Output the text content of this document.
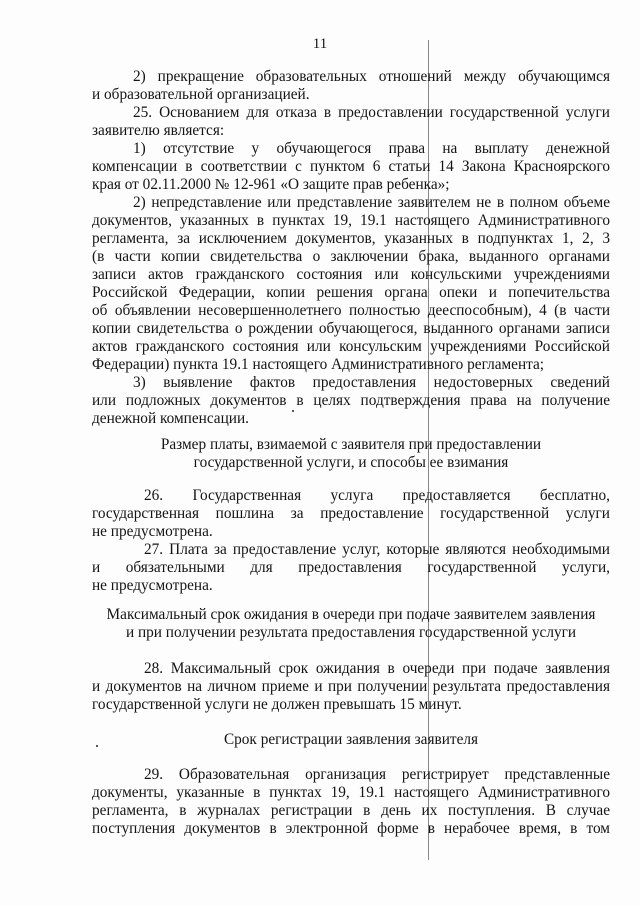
11
2) прекращение образовательных отношений между обучающимся
и образовательной организацией.
25. Основанием для отказа в предоставлении государственной услуги
заявителю является:
1) отсутствие у обучающегося права на выплату денежной
компенсации в соответствии с пунктом 6 статьи 14 Закона Красноярского
края от 02.11.2000 № 12-961 «О защите прав ребенка»;
2) непредставление или представление заявителем не в полном объеме
документов, указанных в пунктах 19, 19.1 настоящего Административного
регламента, за исключением документов, указанных в подпунктах 1, 2, 3
(в части копии свидетельства о заключении брака, выданного органами
записи актов гражданского состояния или консульскими учреждениями
Российской Федерации, копии решения органа опеки и попечительства
об объявлении несовершеннолетнего полностью дееспособным), 4 (в части
копии свидетельства о рождении обучающегося, выданного органами записи
актов гражданского состояния или консульским учреждениями Российской
Федерации) пункта 19.1 настоящего Административного регламента;
3) выявление фактов предоставления недостоверных сведений
или подложных документов в целях подтверждения права на получение
денежной компенсации.
Размер платы, взимаемой с заявителя при предоставлении
государственной услуги, и способы ее взимания
26. Государственная услуга предоставляется бесплатно,
государственная пошлина за предоставление государственной услуги
не предусмотрена.
27. Плата за предоставление услуг, которые являются необходимыми
и обязательными для предоставления государственной услуги,
не предусмотрена.
Максимальный срок ожидания в очереди при подаче заявителем заявления
и при получении результата предоставления государственной услуги
28. Максимальный срок ожидания в очереди при подаче заявления
и документов на личном приеме и при получении результата предоставления
государственной услуги не должен превышать 15 минут.
Срок регистрации заявления заявителя
29. Образовательная организация регистрирует представленные
документы, указанные в пунктах 19, 19.1 настоящего Административного
регламента, в журналах регистрации в день их поступления. В случае
поступления документов в электронной форме в нерабочее время, в том
